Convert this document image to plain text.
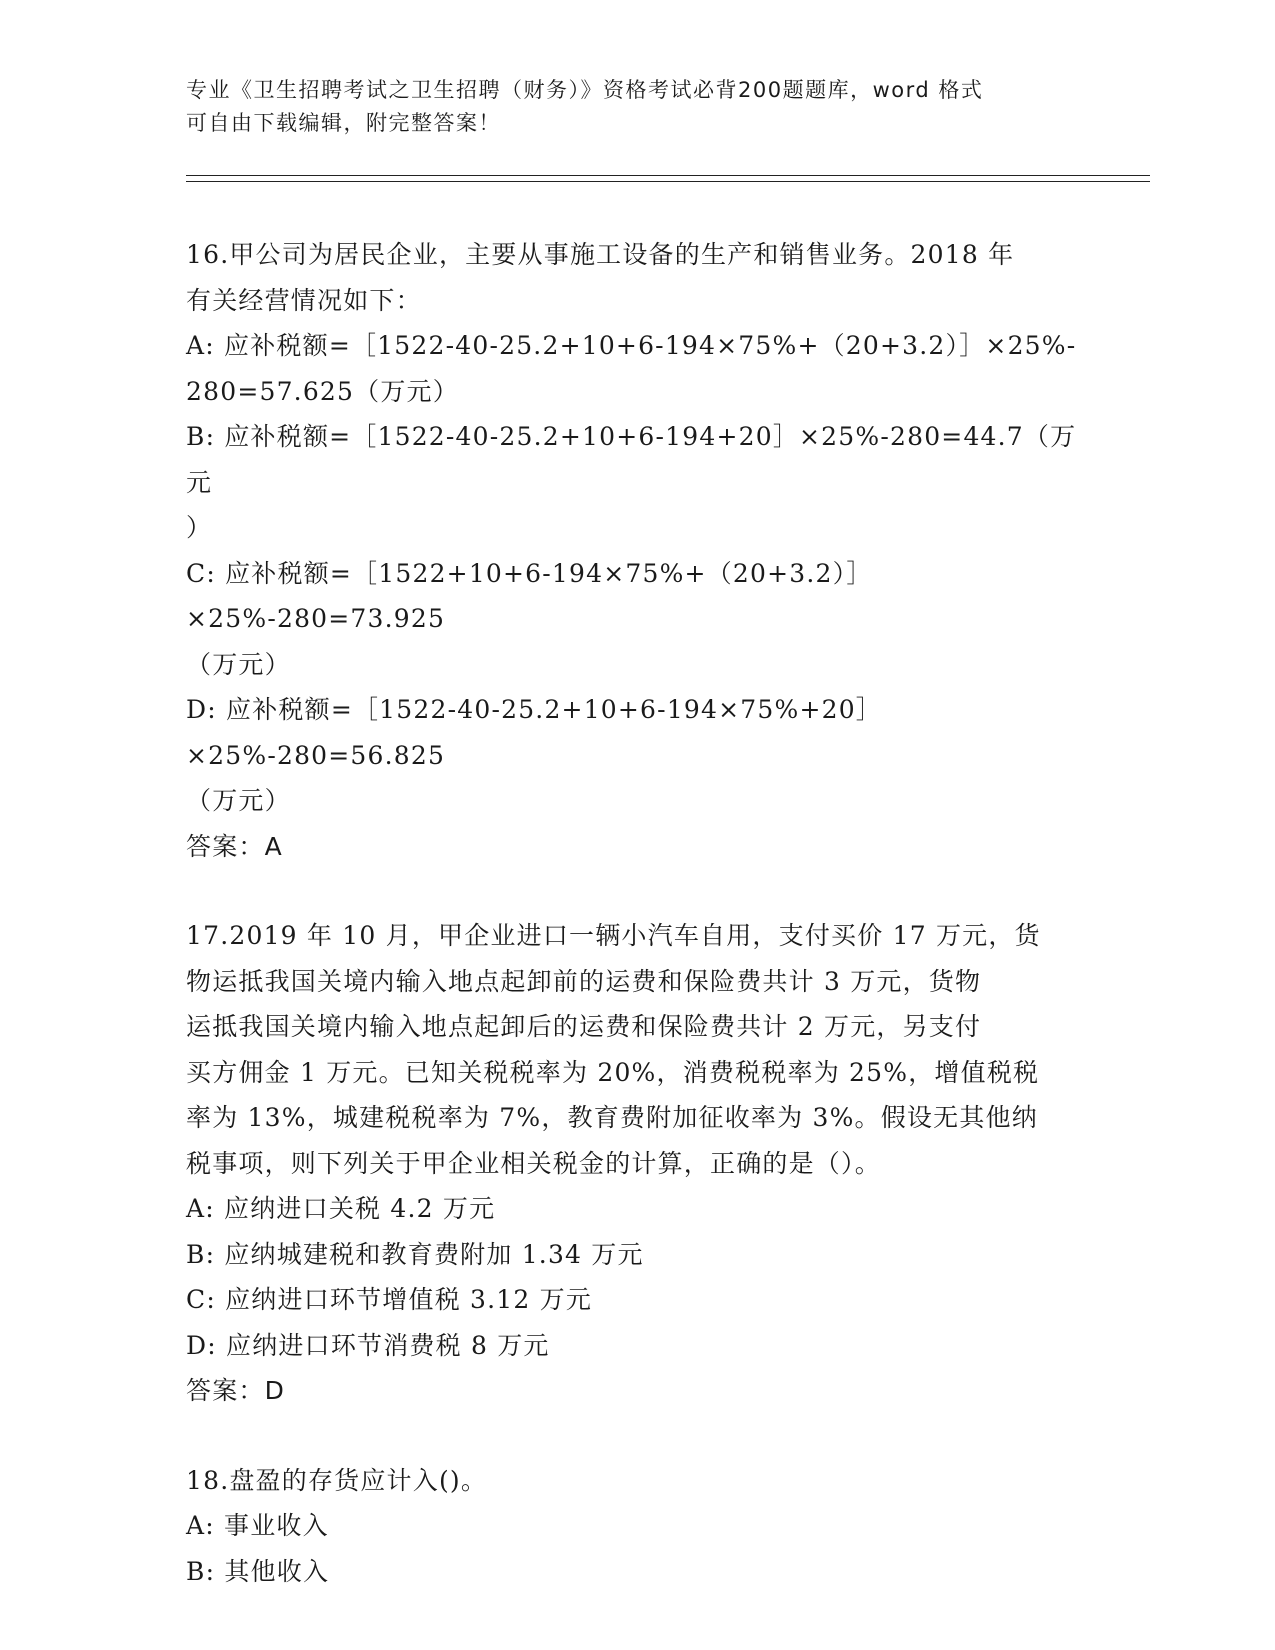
专业《卫生招聘考试之卫生招聘（财务）》资格考试必背200题题库，word 格式
可自由下载编辑，附完整答案！
16.甲公司为居民企业，主要从事施工设备的生产和销售业务。2018 年
有关经营情况如下：
A: 应补税额=［1522-40-25.2+10+6-194×75%+（20+3.2）］×25%-
280=57.625（万元）
B: 应补税额=［1522-40-25.2+10+6-194+20］×25%-280=44.7（万元
）
C: 应补税额=［1522+10+6-194×75%+（20+3.2）］×25%-280=73.925
（万元）
D: 应补税额=［1522-40-25.2+10+6-194×75%+20］×25%-280=56.825
（万元）
答案：A
17.2019 年 10 月，甲企业进口一辆小汽车自用，支付买价 17 万元，货
物运抵我国关境内输入地点起卸前的运费和保险费共计 3 万元，货物
运抵我国关境内输入地点起卸后的运费和保险费共计 2 万元，另支付
买方佣金 1 万元。已知关税税率为 20%，消费税税率为 25%，增值税税
率为 13%，城建税税率为 7%，教育费附加征收率为 3%。假设无其他纳
税事项，则下列关于甲企业相关税金的计算，正确的是（）。
A: 应纳进口关税 4.2 万元
B: 应纳城建税和教育费附加 1.34 万元
C: 应纳进口环节增值税 3.12 万元
D: 应纳进口环节消费税 8 万元
答案：D
18.盘盈的存货应计入()。
A: 事业收入
B: 其他收入
